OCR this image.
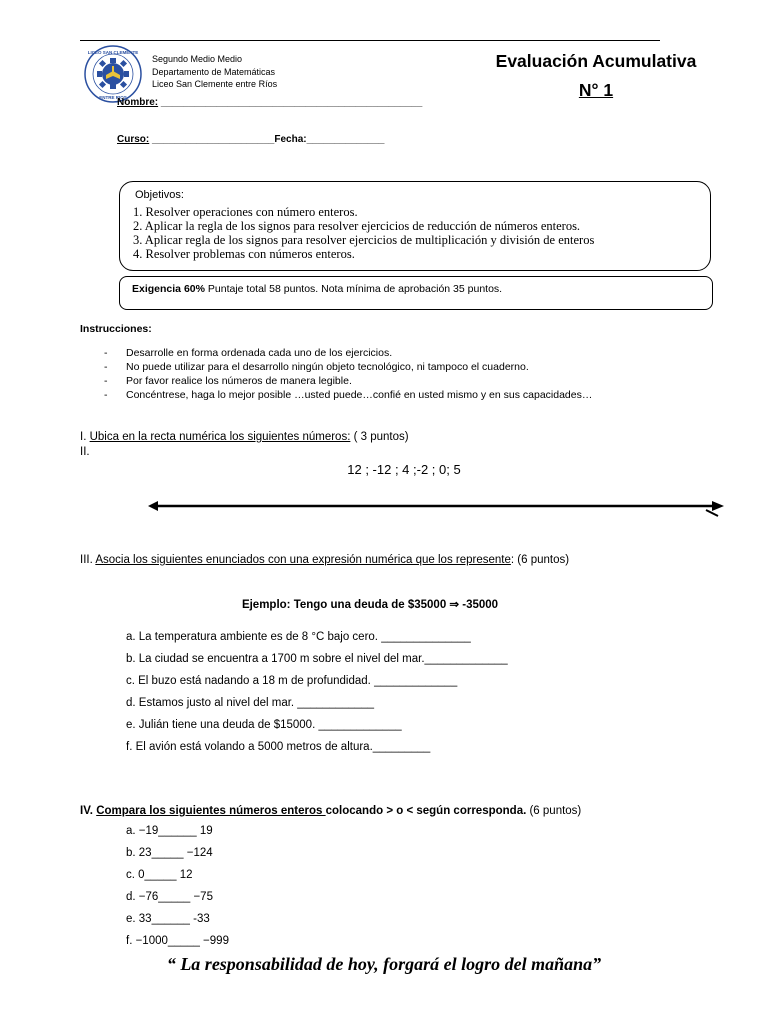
LICEO SAN CLEMENTE
ENTRE RIOS
Segundo Medio Medio
Departamento de Matemáticas
Liceo San Clemente entre Ríos
Evaluación Acumulativa
N° 1
Nombre: _______________________________________________
Curso: ______________________Fecha:______________
Objetivos:
1. Resolver operaciones con número enteros.
2. Aplicar la regla de los signos para resolver ejercicios de reducción de números enteros.
3. Aplicar regla de los signos para resolver ejercicios de multiplicación y división de enteros
4. Resolver problemas con números enteros.
Exigencia 60% Puntaje total 58 puntos. Nota mínima de aprobación 35 puntos.
Instrucciones:
- Desarrolle en forma ordenada cada uno de los ejercicios.
- No puede utilizar para el desarrollo ningún objeto tecnológico, ni tampoco el cuaderno.
- Por favor realice los números de manera legible.
- Concéntrese, haga lo mejor posible …usted puede…confié en usted mismo y en sus capacidades…
I. Ubica en la recta numérica los siguientes números: ( 3 puntos)
II.
12 ; -12 ; 4 ;-2 ; 0; 5
III. Asocia los siguientes enunciados con una expresión numérica que los represente: (6 puntos)
Ejemplo: Tengo una deuda de $35000 ⇒ -35000
a. La temperatura ambiente es de 8 °C bajo cero. ______________
b. La ciudad se encuentra a 1700 m sobre el nivel del mar._____________
c. El buzo está nadando a 18 m de profundidad. _____________
d. Estamos justo al nivel del mar. ____________
e. Julián tiene una deuda de $15000. _____________
f. El avión está volando a 5000 metros de altura._________
IV. Compara los siguientes números enteros colocando > o < según corresponda. (6 puntos)
a. −19______ 19
b. 23_____ −124
c. 0_____ 12
d. −76_____ −75
e. 33______ -33
f. −1000_____ −999
“ La responsabilidad de hoy, forgará el logro del mañana”
